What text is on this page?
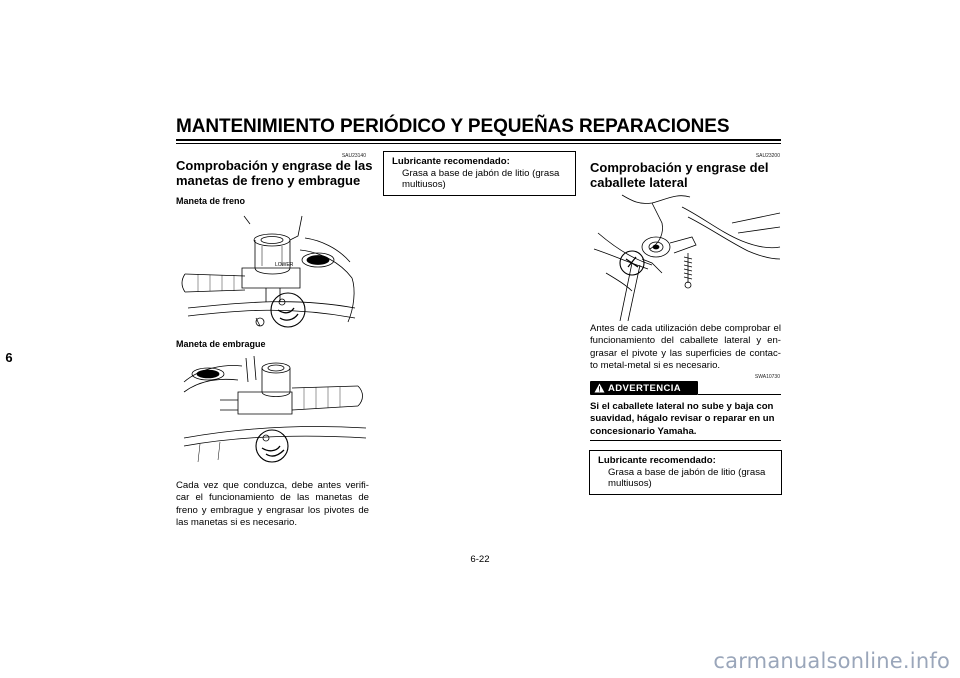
MANTENIMIENTO PERIÓDICO Y PEQUEÑAS REPARACIONES
6
SAU23140
Comprobación y engrase de las manetas de freno y embrague
Maneta de freno
LOWER
Maneta de embrague
Cada vez que conduzca, debe antes verifi-car el funcionamiento de las manetas de freno y embrague y engrasar los pivotes de las manetas si es necesario.
Lubricante recomendado:
Grasa a base de jabón de litio (grasa multiusos)
SAU23200
Comprobación y engrase del caballete lateral
Antes de cada utilización debe comprobar el funcionamiento del caballete lateral y en-grasar el pivote y las superficies de contac-to metal-metal si es necesario.
SWA10730
ADVERTENCIA
Si el caballete lateral no sube y baja con suavidad, hágalo revisar o reparar en un concesionario Yamaha.
Lubricante recomendado:
Grasa a base de jabón de litio (grasa multiusos)
6-22
carmanualsonline.info
